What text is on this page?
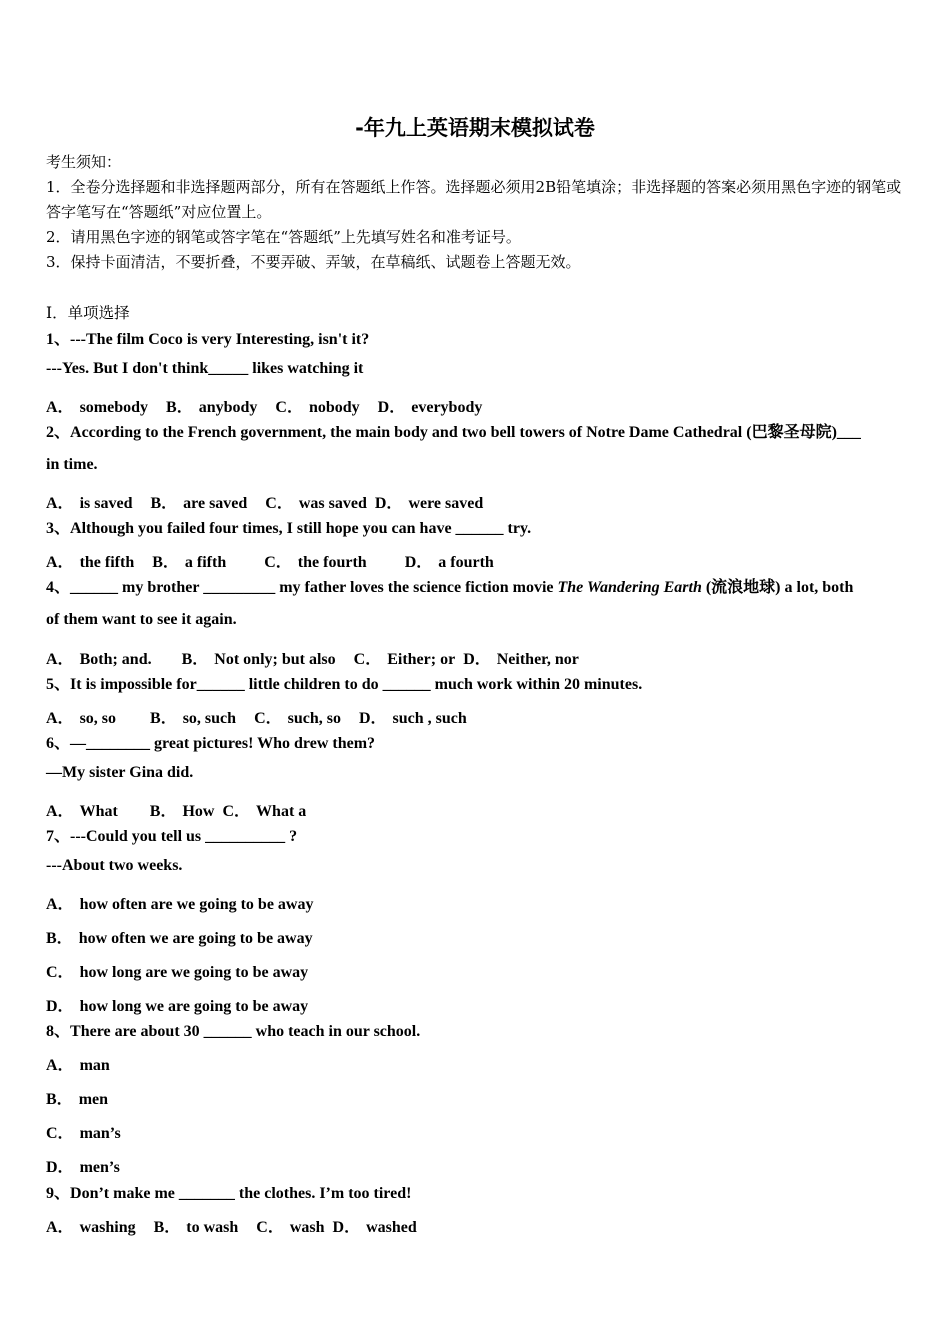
-年九上英语期末模拟试卷
考生须知：
1．全卷分选择题和非选择题两部分，所有在答题纸上作答。选择题必须用2B铅笔填涂；非选择题的答案必须用黑色字迹的钢笔或答字笔写在“答题纸”对应位置上。
2．请用黑色字迹的钢笔或答字笔在“答题纸”上先填写姓名和准考证号。
3．保持卡面清洁，不要折叠，不要弄破、弄皱，在草稿纸、试题卷上答题无效。
Ⅰ．单项选择
1、---The film Coco is very Interesting, isn't it?
---Yes. But I don't think_____ likes watching it
A． somebody B． anybody C． nobody D． everybody
2、According to the French government, the main body and two bell towers of Notre Dame Cathedral (巴黎圣母院)___
in time.
A． is saved B． are saved C． was saved D． were saved
3、Although you failed four times, I still hope you can have ______ try.
A． the fifth B． a fifth C． the fourth D． a fourth
4、______ my brother _________ my father loves the science fiction movie The Wandering Earth (流浪地球) a lot, both
of them want to see it again.
A． Both; and. B． Not only; but also C． Either; or D． Neither, nor
5、It is impossible for______ little children to do ______ much work within 20 minutes.
A． so, so B． so, such C． such, so D． such , such
6、—________ great pictures! Who drew them?
—My sister Gina did.
A． What B． How C． What a
7、---Could you tell us __________ ?
---About two weeks.
A． how often are we going to be away
B． how often we are going to be away
C． how long are we going to be away
D． how long we are going to be away
8、There are about 30 ______ who teach in our school.
A． man
B． men
C． man’s
D． men’s
9、Don’t make me _______ the clothes. I’m too tired!
A． washing B． to wash C． wash D． washed
